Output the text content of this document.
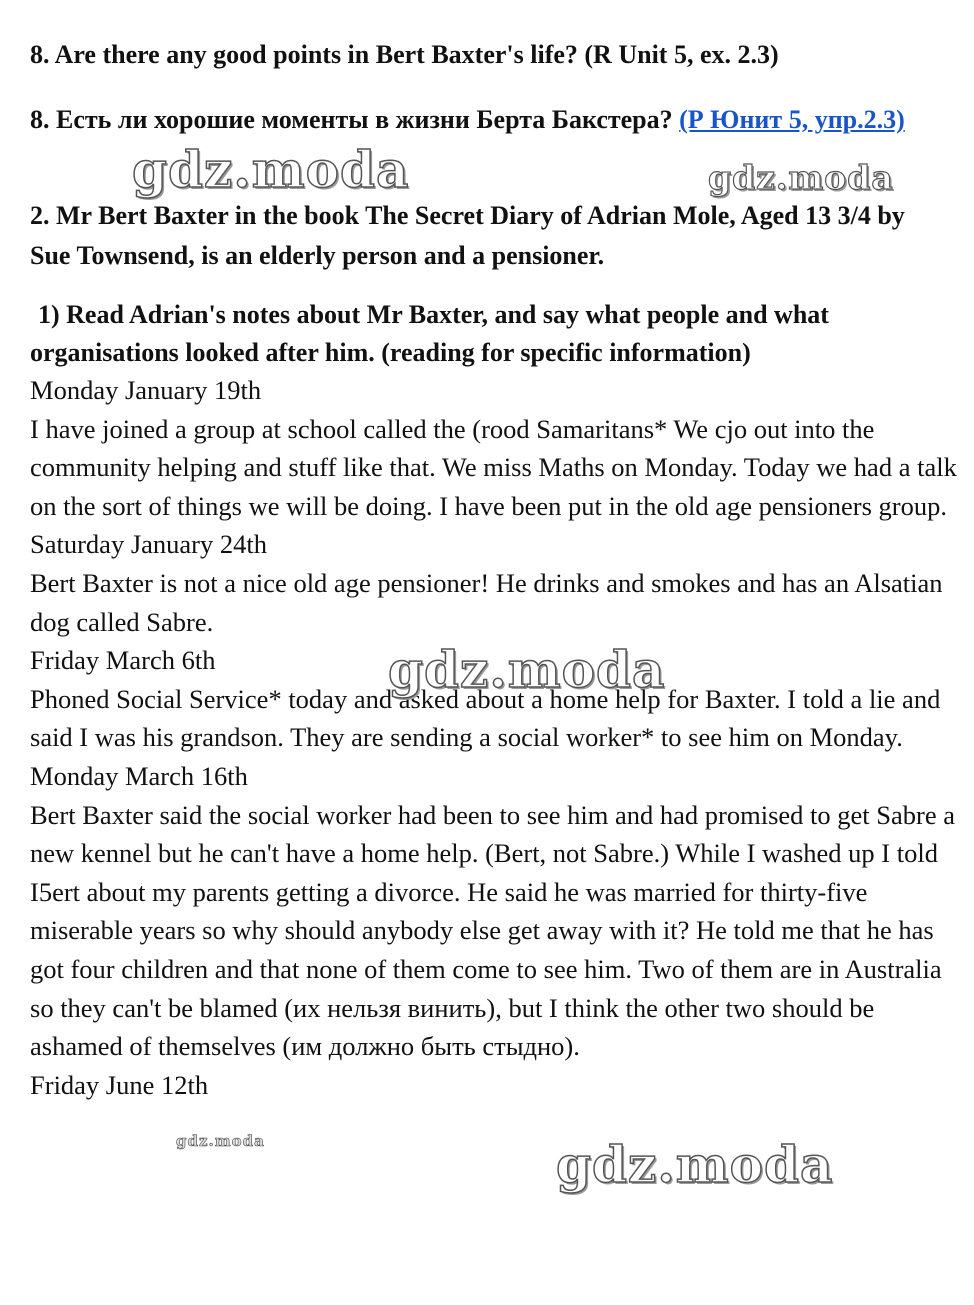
8. Are there any good points in Bert Baxter's life? (R Unit 5, ex. 2.3)
8. Есть ли хорошие моменты в жизни Берта Бакстера? (Р Юнит 5, упр.2.3)
2. Mr Bert Baxter in the book The Secret Diary of Adrian Mole, Aged 13 3/4 by Sue Townsend, is an elderly person and a pensioner.
1) Read Adrian's notes about Mr Baxter, and say what people and what organisations looked after him. (reading for specific information)

Monday January 19th

I have joined a group at school called the (rood Samaritans* We cjo out into the community helping and stuff like that. We miss Maths on Monday. Today we had a talk on the sort of things we will be doing. I have been put in the old age pensioners group.

Saturday January 24th

Bert Baxter is not a nice old age pensioner! He drinks and smokes and has an Alsatian dog called Sabre.

Friday March 6th

Phoned Social Service* today and asked about a home help for Baxter. I told a lie and said I was his grandson. They are sending a social worker* to see him on Monday.

Monday March 16th

Bert Baxter said the social worker had been to see him and had promised to get Sabre a new kennel but he can't have a home help. (Bert, not Sabre.) While I washed up I told I5ert about my parents getting a divorce. He said he was married for thirty-five miserable years so why should anybody else get away with it? He told me that he has got four children and that none of them come to see him. Two of them are in Australia so they can't be blamed (их нельзя винить), but I think the other two should be ashamed of themselves (им должно быть стыдно).

Friday June 12th

gdz.moda	gdz.moda
gdz.moda
gdz.moda
gdz.moda
